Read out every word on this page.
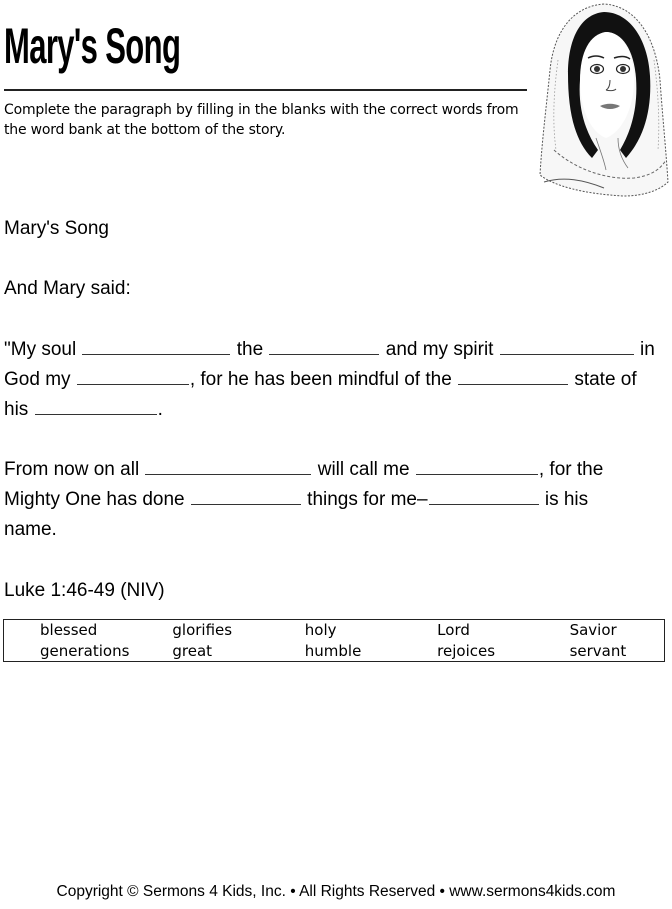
Mary's Song
Complete the paragraph by filling in the blanks with the correct words from the word bank at the bottom of the story.
Mary's Song
And Mary said:
"My soul	the	and my spirit	in
God my	, for he has been mindful of the	state of
his	.
From now on all	will call me	, for the
Mighty One has done	things for me–	is his
name.
Luke 1:46-49 (NIV)
blessed	glorifies	holy	Lord	Savior
generations	great	humble	rejoices	servant
Copyright © Sermons 4 Kids, Inc. • All Rights Reserved • www.sermons4kids.com
